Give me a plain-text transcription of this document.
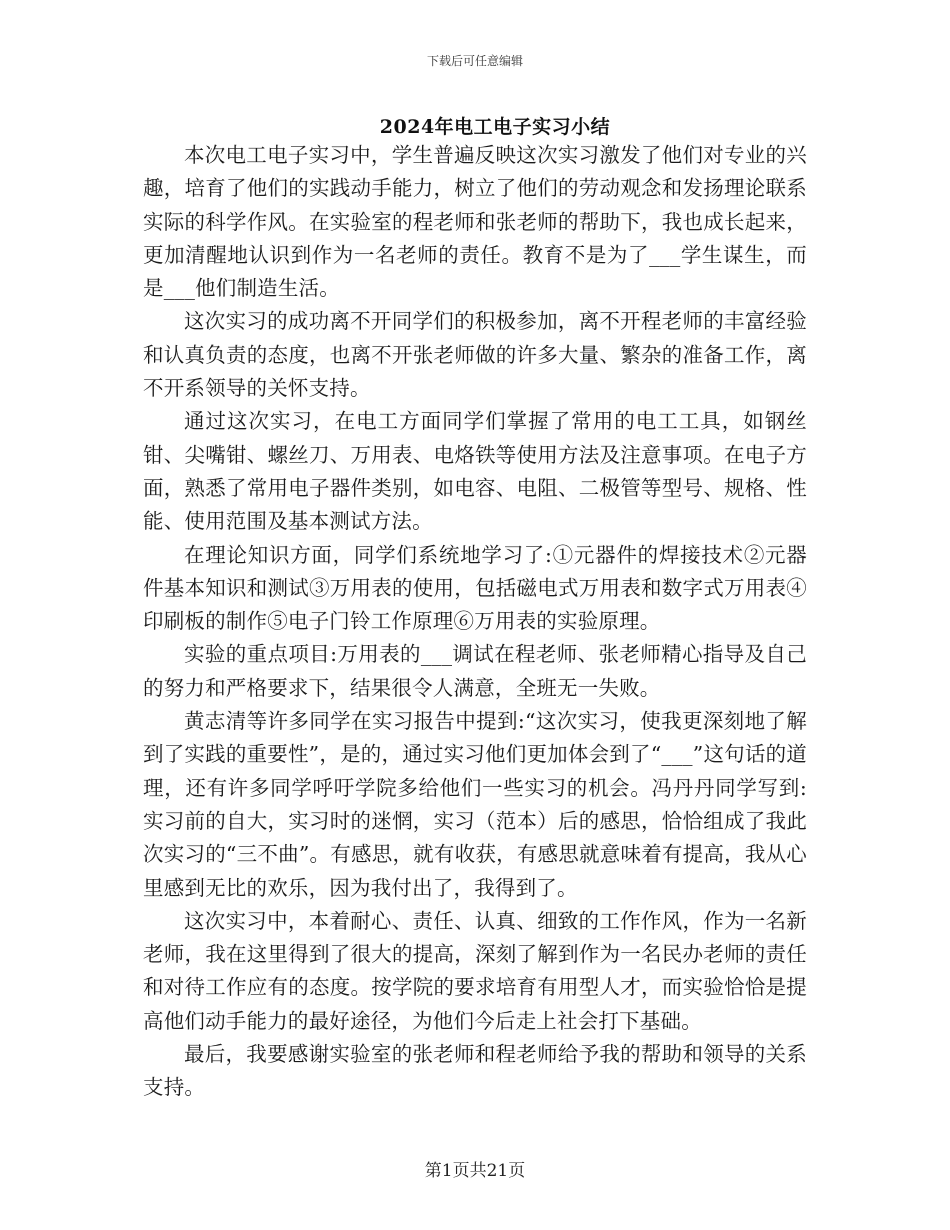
下载后可任意编辑
2024年电工电子实习小结

本次电工电子实习中，学生普遍反映这次实习激发了他们对专业的兴趣，培育了他们的实践动手能力，树立了他们的劳动观念和发扬理论联系实际的科学作风。在实验室的程老师和张老师的帮助下，我也成长起来，更加清醒地认识到作为一名老师的责任。教育不是为了___学生谋生，而是___他们制造生活。

这次实习的成功离不开同学们的积极参加，离不开程老师的丰富经验和认真负责的态度，也离不开张老师做的许多大量、繁杂的准备工作，离不开系领导的关怀支持。

通过这次实习，在电工方面同学们掌握了常用的电工工具，如钢丝钳、尖嘴钳、螺丝刀、万用表、电烙铁等使用方法及注意事项。在电子方面，熟悉了常用电子器件类别，如电容、电阻、二极管等型号、规格、性能、使用范围及基本测试方法。

在理论知识方面，同学们系统地学习了:①元器件的焊接技术②元器件基本知识和测试③万用表的使用，包括磁电式万用表和数字式万用表④印刷板的制作⑤电子门铃工作原理⑥万用表的实验原理。

实验的重点项目:万用表的___调试在程老师、张老师精心指导及自己的努力和严格要求下，结果很令人满意，全班无一失败。

黄志清等许多同学在实习报告中提到:“这次实习，使我更深刻地了解到了实践的重要性”，是的，通过实习他们更加体会到了“___”这句话的道理，还有许多同学呼吁学院多给他们一些实习的机会。冯丹丹同学写到:实习前的自大，实习时的迷惘，实习（范本）后的感思，恰恰组成了我此次实习的“三不曲”。有感思，就有收获，有感思就意味着有提高，我从心里感到无比的欢乐，因为我付出了，我得到了。

这次实习中，本着耐心、责任、认真、细致的工作作风，作为一名新老师，我在这里得到了很大的提高，深刻了解到作为一名民办老师的责任和对待工作应有的态度。按学院的要求培育有用型人才，而实验恰恰是提高他们动手能力的最好途径，为他们今后走上社会打下基础。

最后，我要感谢实验室的张老师和程老师给予我的帮助和领导的关系支持。

第1页共21页
